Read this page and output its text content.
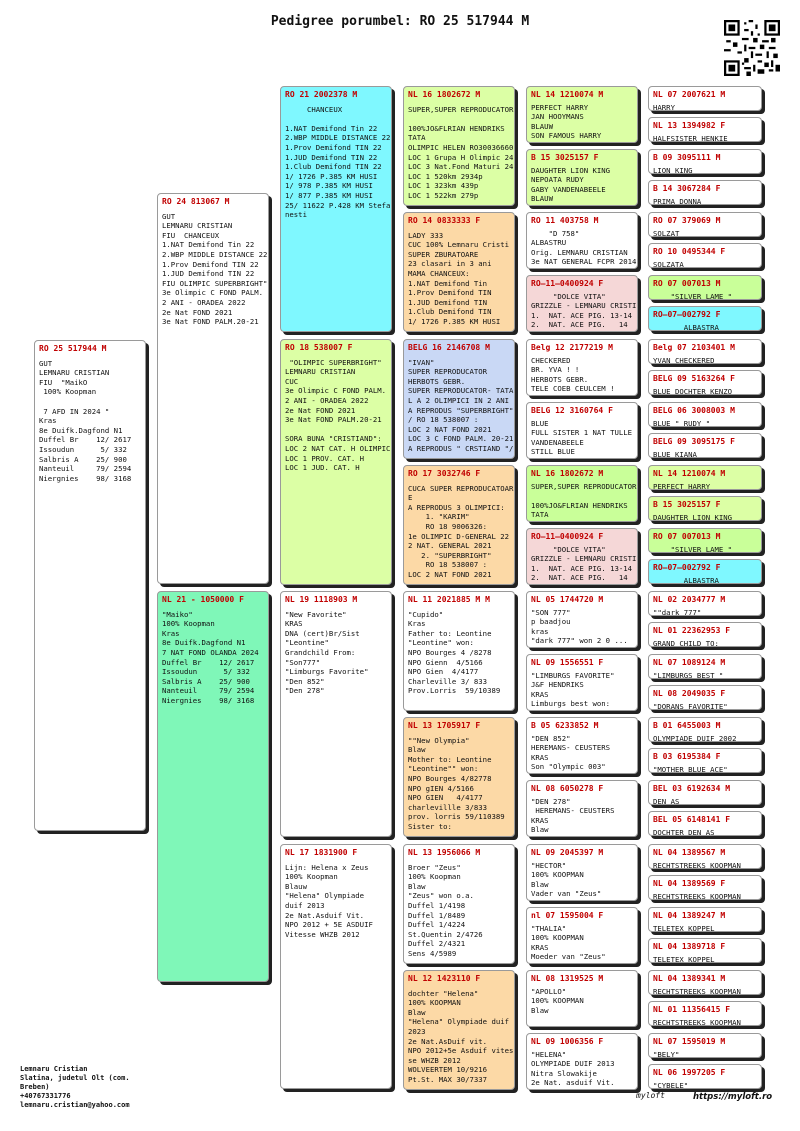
Pedigree porumbel: RO 25 517944 M
RO 25 517944 M
GUT
LEMNARU CRISTIAN
FIU  "MaikO
100% Koopman

7 AFD IN 2024 "
Kras
8e Duifk.Dagfond N1
Duffel Br    12/ 2617
Issoudun      5/ 332
Salbris A    25/ 900
Nanteuil     79/ 2594
Niergnies    98/ 3168
RO 24 813067 M
GUT
LEMNARU CRISTIAN
FIU  CHANCEUX
1.NAT Demifond Tin 22
2.WBP MIDDLE DISTANCE 22
1.Prov Demifond TIN 22
1.JUD Demifond TIN 22
FIU OLIMPIC SUPERBRIGHT"
3e Olimpic C FOND PALM.
2 ANI - ORADEA 2022
2e Nat FOND 2021
3e Nat FOND PALM.20-21
NL 21 - 1050000 F
"Maiko"
100% Koopman
Kras
8e Duifk.Dagfond N1
7 NAT FOND OLANDA 2024
Duffel Br    12/ 2617
Issoudun      5/ 332
Salbris A    25/ 900
Nanteuil     79/ 2594
Niergnies    98/ 3168
RO 21 2002378 M
CHANCEUX

1.NAT Demifond Tin 22
2.WBP MIDDLE DISTANCE 22
1.Prov Demifond TIN 22
1.JUD Demifond TIN 22
1.Club Demifond TIN 22
1/ 1726 P.385 KM HUSI
1/ 978 P.385 KM HUSI
1/ 877 P.385 KM HUSI
25/ 11622 P.428 KM Stefa
nesti
RO 18 538007 F
"OLIMPIC SUPERBRIGHT"
LEMNARU CRISTIAN
CUC
3e Olimpic C FOND PALM.
2 ANI - ORADEA 2022
2e Nat FOND 2021
3e Nat FOND PALM.20-21

SORA BUNA "CRISTIAND":
LOC 2 NAT CAT. H OLIMPIC
LOC 1 PROV. CAT. H
LOC 1 JUD. CAT. H
NL 19 1118903 M
"New Favorite"
KRAS
DNA (cert)Br/Sist
"Leontine"
Grandchild From:
"Son777"
"Limburgs Favorite"
"Den 852"
"Den 278"
NL 17 1831900 F
Lijn: Helena x Zeus
100% Koopman
Blauw
"Helena" Olympiade
duif 2013
2e Nat.Asduif Vit.
NPO 2012 + 5E ASDUIF
Vitesse WHZB 2012
NL 16 1802672 M
SUPER,SUPER REPRODUCATOR

100%JO&FLRIAN HENDRIKS
TATA
OLIMPIC HELEN RO30036660
LOC 1 Grupa H Olimpic 24
LOC 3 Nat.Fond Maturi 24
LOC 1 520km 2934p
LOC 1 323km 439p
LOC 1 522km 279p
RO 14 0833333 F
LADY 333
CUC 100% Lemnaru Cristi
SUPER ZBURATOARE
23 clasari in 3 ani
MAMA CHANCEUX:
1.NAT Demifond Tin
1.Prov Demifond TIN
1.JUD Demifond TIN
1.Club Demifond TIN
1/ 1726 P.385 KM HUSI
BELG 16 2146708 M
"IVAN"
SUPER REPRODUCATOR
HERBOTS GEBR.
SUPER REPRODUCATOR- TATA
L A 2 OLIMPICI IN 2 ANI
A REPRODUS "SUPERBRIGHT"
/ RO 18 538007 :
LOC 2 NAT FOND 2021
LOC 3 C FOND PALM. 20-21
A REPRODUS " CRSTIAND "/
RO 17 3032746 F
CUCA SUPER REPRODUCATOAR
E
A REPRODUS 3 OLIMPICI:
1. "KARIM"
RO 18 9006326:
1e OLIMPIC D-GENERAL 22
2 NAT. GENERAL 2021
2. "SUPERBRIGHT"
RO 18 538007 :
LOC 2 NAT FOND 2021
NL 11 2021885 M M
"Cupido"
Kras
Father to: Leontine
"Leontine" won:
NPO Bourges 4 /8278
NPO Gienn  4/5166
NPO Gien  4/4177
Charleville 3/ 833
Prov.Lorris  59/10389
NL 13 1705917 F
""New Olympia"
Blaw
Mother to: Leontine
"Leontine"" won:
NPO Bourges 4/82778
NPO gIEN 4/5166
NPO GIEN   4/4177
charlevillle 3/833
prov. lorris 59/110389
Sister to:
NL 13 1956066 M
Broer "Zeus"
100% Koopman
Blaw
"Zeus" won o.a.
Duffel 1/4198
Duffel 1/8489
Duffel 1/4224
St.Quentin 2/4726
Duffel 2/4321
Sens 4/5989
NL 12 1423110 F
dochter "Helena"
100% KOOPMAN
Blaw
"Helena" Olympiade duif
2023
2e Nat.AsDuif vit.
NPO 2012+5e Asduif vites
se WHZB 2012
WOLVEERTEM 10/9216
Pt.St. MAX 30/7337
NL 14 1210074 M
PERFECT HARRY
JAN HOOYMANS
BLAUW
SON FAMOUS HARRY
B 15 3025157 F
DAUGHTER LION KING
NEPOATA RUDY
GABY VANDENABEELE
BLAUW
RO 11 403758 M
"D 758"
ALBASTRU
Orig. LEMNARU CRISTIAN
3e NAT GENERAL FCPR 2014
RO–11–0400924 F
"DOLCE VITA"
GRIZZLE - LEMNARU CRISTI
1.  NAT. ACE PIG. 13-14
2.  NAT. ACE PIG.   14
Belg 12 2177219 M
CHECKERED
BR. YVA ! !
HERBOTS GEBR.
TELE COEB CEULCEM !
BELG 12 3160764 F
BLUE
FULL SISTER 1 NAT TULLE
VANDENABEELE
STILL BLUE
NL 16 1802672 M
SUPER,SUPER REPRODUCATOR

100%JO&FLRIAN HENDRIKS
TATA
RO–11–0400924 F
"DOLCE VITA"
GRIZZLE - LEMNARU CRISTI
1.  NAT. ACE PIG. 13-14
2.  NAT. ACE PIG.   14
NL 05 1744720 M
"SON 777"
p baadjou
kras
"dark 777" won 2 0 ...
NL 09 1556551 F
"LIMBURGS FAVORITE"
J&F HENDRIKS
KRAS
Limburgs best won:
B 05 6233852 M
"DEN 852"
HEREMANS- CEUSTERS
KRAS
Son "Olympic 003"
NL 08 6050278 F
"DEN 278"
HEREMANS- CEUSTERS
KRAS
Blaw
NL 09 2045397 M
"HECTOR"
100% KOOPMAN
Blaw
Vader van "Zeus"
nl 07 1595004 F
"THALIA"
100% KOOPMAN
KRAS
Moeder van "Zeus"
NL 08 1319525 M
"APOLLO"
100% KOOPMAN
Blaw
NL 09 1006356 F
"HELENA"
OLYMPIADE DUIF 2013
Nitra Slowakije
2e Nat. asduif Vit.
NL 07 2007621 M
HARRY

NL 13 1394982 F
HALFSISTER HENKIE
B 09 3095111 M
LION KING

B 14 3067284 F
PRIMA DONNA

RO 07 379069 M
SOLZAT

RO 10 0495344 F
SOLZATA
RO 07 007013 M
"SILVER LAME "

RO–07–002792 F
ALBASTRA

Belg 07 2103401 M
YVAN CHECKERED

BELG 09 5163264 F
BLUE DOCHTER KENZO

BELG 06 3008003 M
BLUE " RUDY "

BELG 09 3095175 F
BLUE KIANA

NL 14 1210074 M
PERFECT HARRY

B 15 3025157 F
DAUGHTER LION KING

RO 07 007013 M
"SILVER LAME "

RO–07–002792 F
ALBASTRA

NL 02 2034777 M
""dark 777"

NL 01 22362953 F
GRAND CHILD TO:
NL 07 1089124 M
"LIMBURGS BEST "

NL 08 2049035 F
"DORANS FAVORITE"
B 01 6455003 M
OLYMPIADE DUIF 2002

B 03 6195384 F
"MOTHER BLUE ACE"
BEL 03 6192634 M
DEN AS

BEL 05 6148141 F
DOCHTER DEN AS

NL 04 1389567 M
RECHTSTREEKS KOOPMAN
NL 04 1389569 F
RECHTSTREEKS KOOPMAN
NL 04 1389247 M
TELETEX KOPPEL

NL 04 1389718 F
TELETEX KOPPEL

NL 04 1389341 M
RECHTSTREEKS KOOPMAN
NL 01 11356415 F
RECHTSTREEKS KOOPMAN
NL 07 1595019 M
"BELY"

NL 06 1997205 F
"CYBELE"

Lemnaru Cristian
Slatina, judetul Olt (com.
Breben)
+40767331776
lemnaru.cristian@yahoo.com
myloft	https://myloft.ro
